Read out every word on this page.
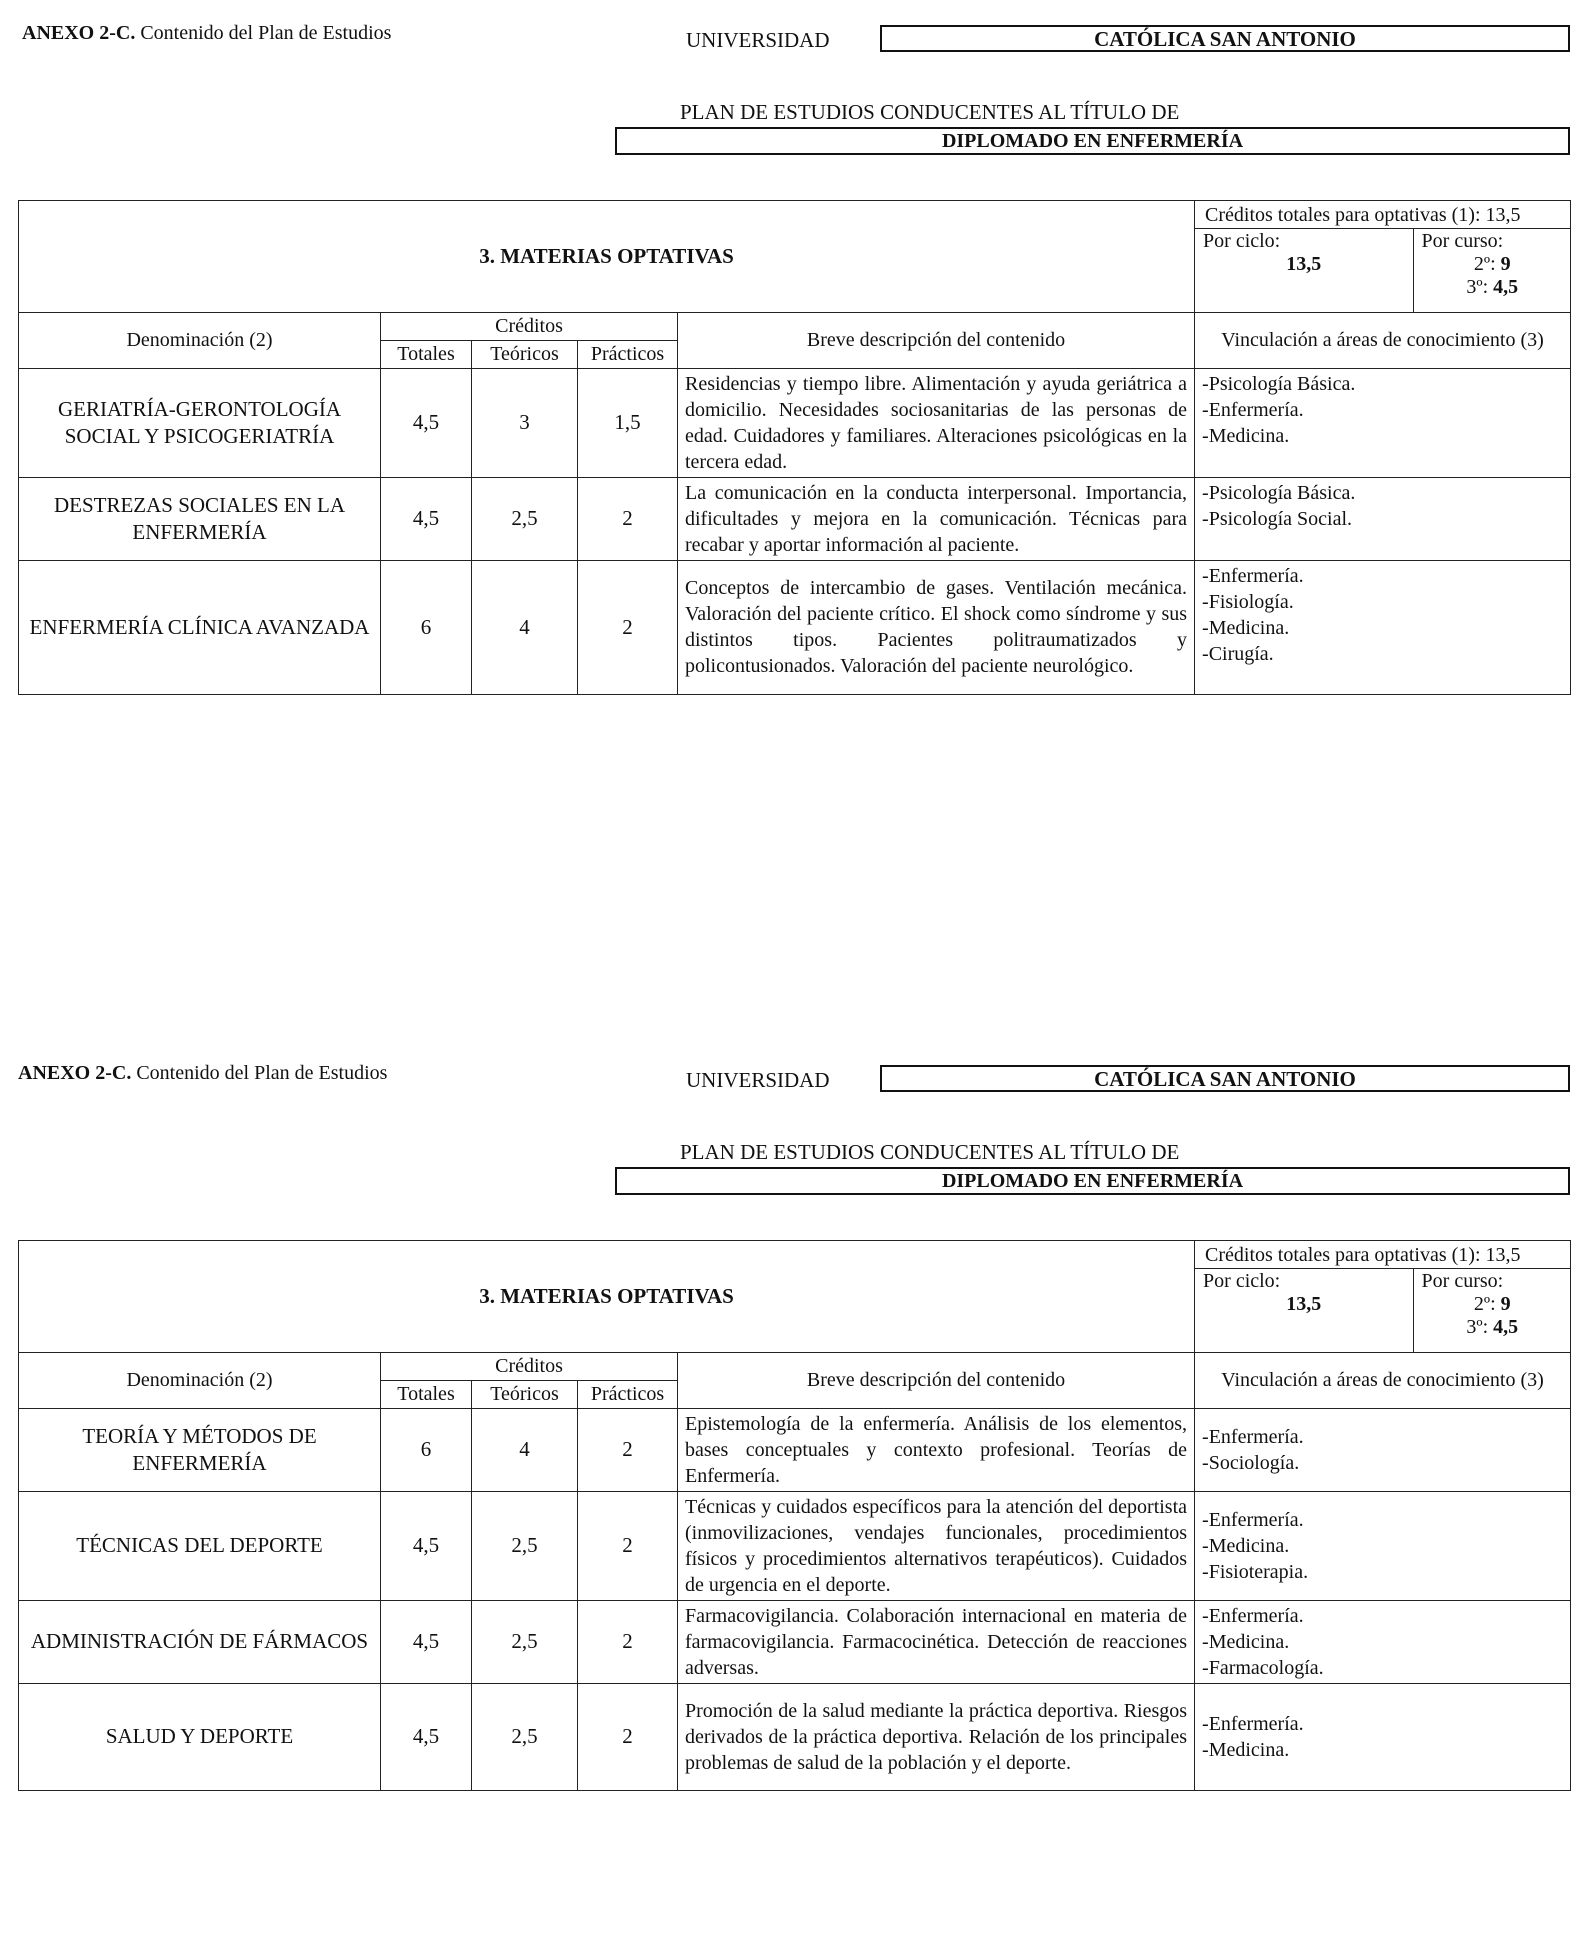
ANEXO 2-C. Contenido del Plan de Estudios	UNIVERSIDAD	CATÓLICA SAN ANTONIO
PLAN DE ESTUDIOS CONDUCENTES AL TÍTULO DE
DIPLOMADO EN ENFERMERÍA
3. MATERIAS OPTATIVAS	
Créditos totales para optativas (1): 13,5

Por ciclo:
13,5

Por curso:
2º: 9
3º: 4,5

Denominación (2)	Créditos	Breve descripción del contenido	Vinculación a áreas de conocimiento (3)
Totales	Teóricos	Prácticos
GERIATRÍA-GERONTOLOGÍA SOCIAL Y PSICOGERIATRÍA	4,5	3	1,5	Residencias y tiempo libre. Alimentación y ayuda geriátrica a domicilio. Necesidades sociosanitarias de las personas de edad. Cuidadores y familiares. Alteraciones psicológicas en la tercera edad.	
-Psicología Básica.
-Enfermería.
-Medicina.

DESTREZAS SOCIALES EN LA ENFERMERÍA	4,5	2,5	2	La comunicación en la conducta interpersonal. Importancia, dificultades y mejora en la comunicación. Técnicas para recabar y aportar información al paciente.	
-Psicología Básica.
-Psicología Social.

ENFERMERÍA CLÍNICA AVANZADA	6	4	2	Conceptos de intercambio de gases. Ventilación mecánica. Valoración del paciente crítico. El shock como síndrome y sus distintos tipos. Pacientes politraumatizados y policontusionados. Valoración del paciente neurológico.	
-Enfermería.
-Fisiología.
-Medicina.
-Cirugía.
ANEXO 2-C. Contenido del Plan de Estudios	UNIVERSIDAD	CATÓLICA SAN ANTONIO
PLAN DE ESTUDIOS CONDUCENTES AL TÍTULO DE
DIPLOMADO EN ENFERMERÍA
3. MATERIAS OPTATIVAS	
Créditos totales para optativas (1): 13,5

Por ciclo:
13,5

Por curso:
2º: 9
3º: 4,5

Denominación (2)	Créditos	Breve descripción del contenido	Vinculación a áreas de conocimiento (3)
Totales	Teóricos	Prácticos
TEORÍA Y MÉTODOS DE ENFERMERÍA	6	4	2	Epistemología de la enfermería. Análisis de los elementos, bases conceptuales y contexto profesional. Teorías de Enfermería.	
-Enfermería.
-Sociología.

TÉCNICAS DEL DEPORTE	4,5	2,5	2	Técnicas y cuidados específicos para la atención del deportista (inmovilizaciones, vendajes funcionales, procedimientos físicos y procedimientos alternativos terapéuticos). Cuidados de urgencia en el deporte.	
-Enfermería.
-Medicina.
-Fisioterapia.

ADMINISTRACIÓN DE FÁRMACOS	4,5	2,5	2	Farmacovigilancia. Colaboración internacional en materia de farmacovigilancia. Farmacocinética. Detección de reacciones adversas.	
-Enfermería.
-Medicina.
-Farmacología.

SALUD Y DEPORTE	4,5	2,5	2	Promoción de la salud mediante la práctica deportiva. Riesgos derivados de la práctica deportiva. Relación de los principales problemas de salud de la población y el deporte.	
-Enfermería.
-Medicina.
